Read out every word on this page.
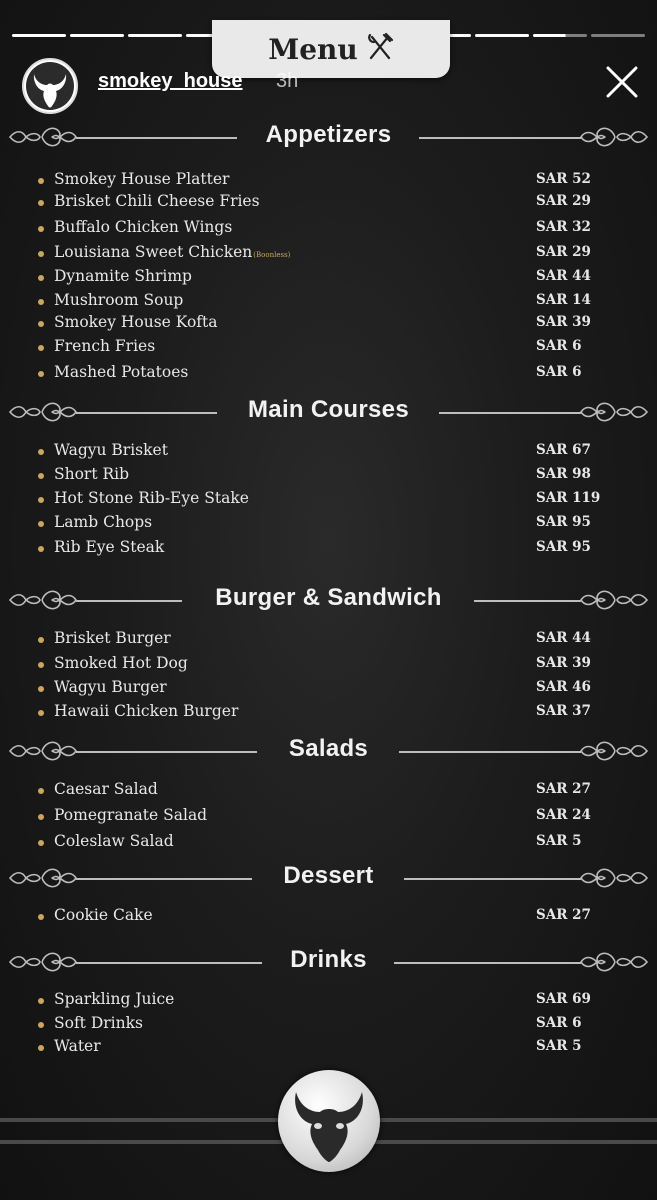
Appetizers
Smokey House Platter	SAR 52
Brisket Chili Cheese Fries	SAR 29
Buffalo Chicken Wings	SAR 32
Louisiana Sweet Chicken(Boonless)	SAR 29
Dynamite Shrimp	SAR 44
Mushroom Soup	SAR 14
Smokey House Kofta	SAR 39
French Fries	SAR 6
Mashed Potatoes	SAR 6
Main Courses
Wagyu Brisket	SAR 67
Short Rib	SAR 98
Hot Stone Rib-Eye Stake	SAR 119
Lamb Chops	SAR 95
Rib Eye Steak	SAR 95
Burger & Sandwich
Brisket Burger	SAR 44
Smoked Hot Dog	SAR 39
Wagyu Burger	SAR 46
Hawaii Chicken Burger	SAR 37
Salads
Caesar Salad	SAR 27
Pomegranate Salad	SAR 24
Coleslaw Salad	SAR 5
Dessert
Cookie Cake	SAR 27
Drinks
Sparkling Juice	SAR 69
Soft Drinks	SAR 6
Water	SAR 5
Menu
smokey_house 3h
